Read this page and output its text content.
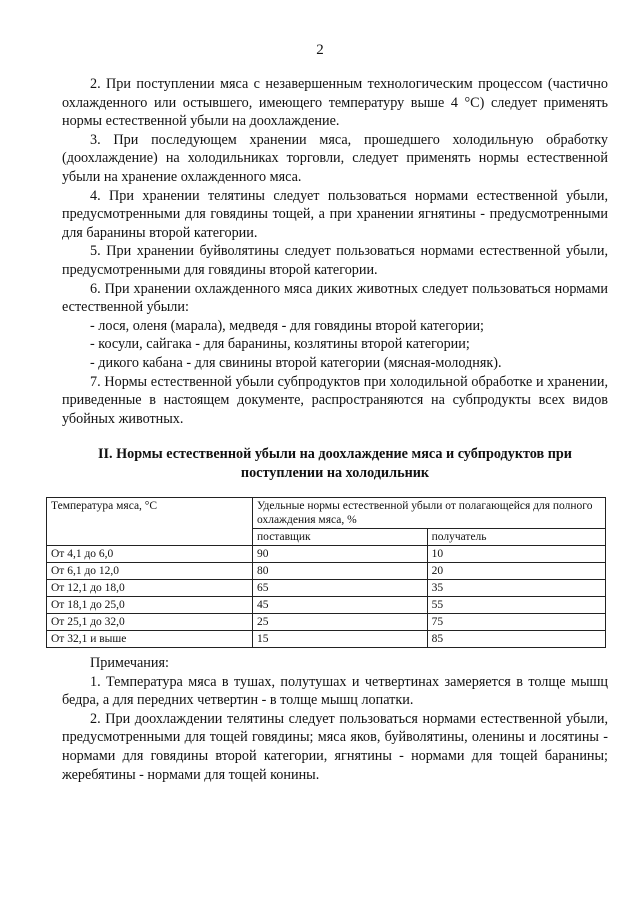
2

2. При поступлении мяса с незавершенным технологическим процессом (частично охлажденного или остывшего, имеющего температуру выше 4 °С) следует применять нормы естественной убыли на доохлаждение.

3. При последующем хранении мяса, прошедшего холодильную обработку (доохлаждение) на холодильниках торговли, следует применять нормы естественной убыли на хранение охлажденного мяса.

4. При хранении телятины следует пользоваться нормами естественной убыли, предусмотренными для говядины тощей, а при хранении ягнятины - предусмотренными для баранины второй категории.

5. При хранении буйволятины следует пользоваться нормами естественной убыли, предусмотренными для говядины второй категории.

6. При хранении охлажденного мяса диких животных следует пользоваться нормами естественной убыли:

- лося, оленя (марала), медведя - для говядины второй категории;

- косули, сайгака - для баранины, козлятины второй категории;

- дикого кабана - для свинины второй категории (мясная-молодняк).

7. Нормы естественной убыли субпродуктов при холодильной обработке и хранении, приведенные в настоящем документе, распространяются на субпродукты всех видов убойных животных.

II. Нормы естественной убыли на доохлаждение мяса и субпродуктов при поступлении на холодильник
Температура мяса, °С	Удельные нормы естественной убыли от полагающейся для полного охлаждения мяса, %	
	поставщик	получатель
От 4,1 до 6,0	90	10
От 6,1 до 12,0	80	20
От 12,1 до 18,0	65	35
От 18,1 до 25,0	45	55
От 25,1 до 32,0	25	75
От 32,1 и выше	15	85

Примечания:

1. Температура мяса в тушах, полутушах и четвертинах замеряется в толще мышц бедра, а для передних четвертин - в толще мышц лопатки.

2. При доохлаждении телятины следует пользоваться нормами естественной убыли, предусмотренными для тощей говядины; мяса яков, буйволятины, оленины и лосятины - нормами для говядины второй категории, ягнятины - нормами для тощей баранины; жеребятины - нормами для тощей конины.
